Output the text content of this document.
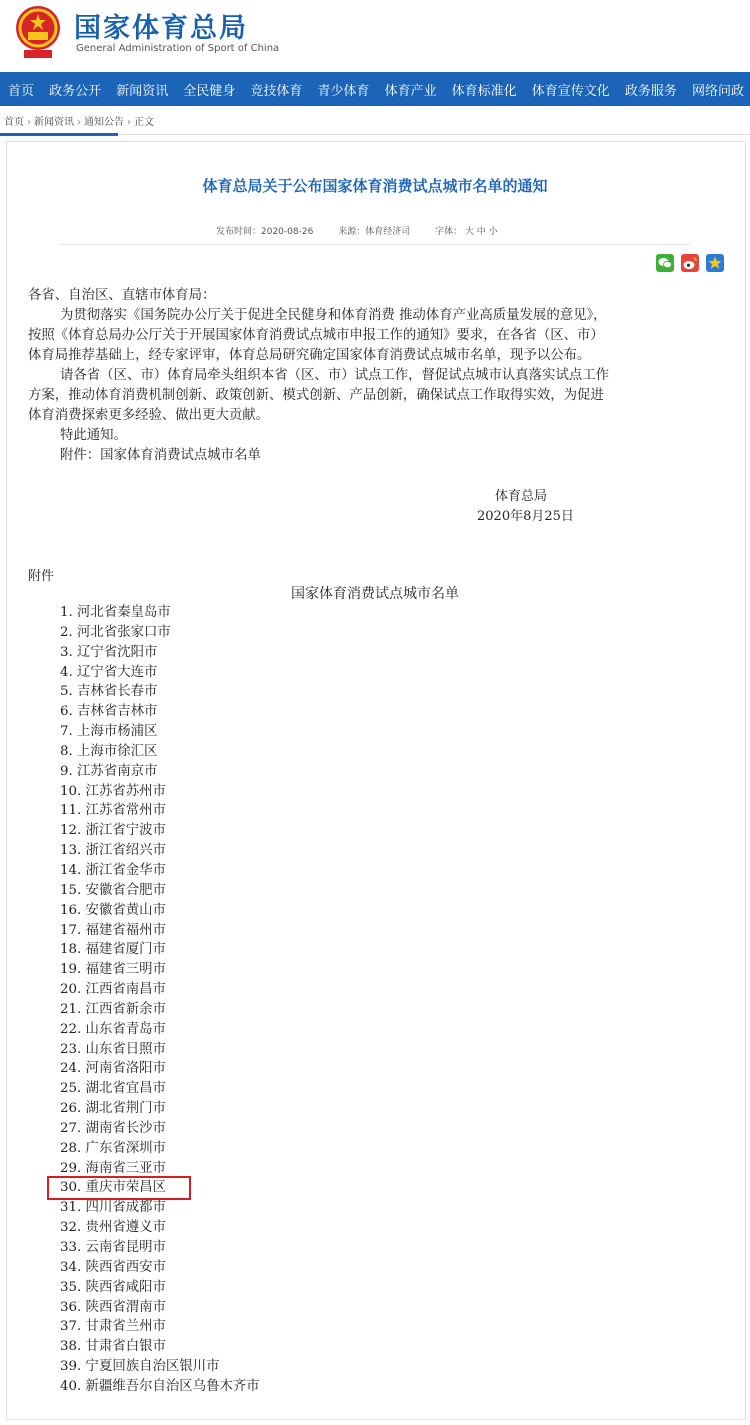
国家体育总局
General Administration of Sport of China
首页 政务公开 新闻资讯 全民健身 竞技体育 青少体育 体育产业 体育标准化 体育宣传文化 政务服务 网络问政
首页 › 新闻资讯 › 通知公告 › 正文
体育总局关于公布国家体育消费试点城市名单的通知
发布时间：2020-08-26	来源：体育经济司	字体： 大 中 小

各省、自治区、直辖市体育局：

为贯彻落实《国务院办公厅关于促进全民健身和体育消费 推动体育产业高质量发展的意见》，

按照《体育总局办公厅关于开展国家体育消费试点城市申报工作的通知》要求，在各省（区、市）

体育局推荐基础上，经专家评审，体育总局研究确定国家体育消费试点城市名单，现予以公布。

请各省（区、市）体育局牵头组织本省（区、市）试点工作，督促试点城市认真落实试点工作

方案，推动体育消费机制创新、政策创新、模式创新、产品创新，确保试点工作取得实效，为促进

体育消费探索更多经验、做出更大贡献。

特此通知。

附件：国家体育消费试点城市名单

体育总局
2020年8月25日
附件
国家体育消费试点城市名单
1. 河北省秦皇岛市
2. 河北省张家口市
3. 辽宁省沈阳市
4. 辽宁省大连市
5. 吉林省长春市
6. 吉林省吉林市
7. 上海市杨浦区
8. 上海市徐汇区
9. 江苏省南京市
10. 江苏省苏州市
11. 江苏省常州市
12. 浙江省宁波市
13. 浙江省绍兴市
14. 浙江省金华市
15. 安徽省合肥市
16. 安徽省黄山市
17. 福建省福州市
18. 福建省厦门市
19. 福建省三明市
20. 江西省南昌市
21. 江西省新余市
22. 山东省青岛市
23. 山东省日照市
24. 河南省洛阳市
25. 湖北省宜昌市
26. 湖北省荆门市
27. 湖南省长沙市
28. 广东省深圳市
29. 海南省三亚市
30. 重庆市荣昌区
31. 四川省成都市
32. 贵州省遵义市
33. 云南省昆明市
34. 陕西省西安市
35. 陕西省咸阳市
36. 陕西省渭南市
37. 甘肃省兰州市
38. 甘肃省白银市
39. 宁夏回族自治区银川市
40. 新疆维吾尔自治区乌鲁木齐市
